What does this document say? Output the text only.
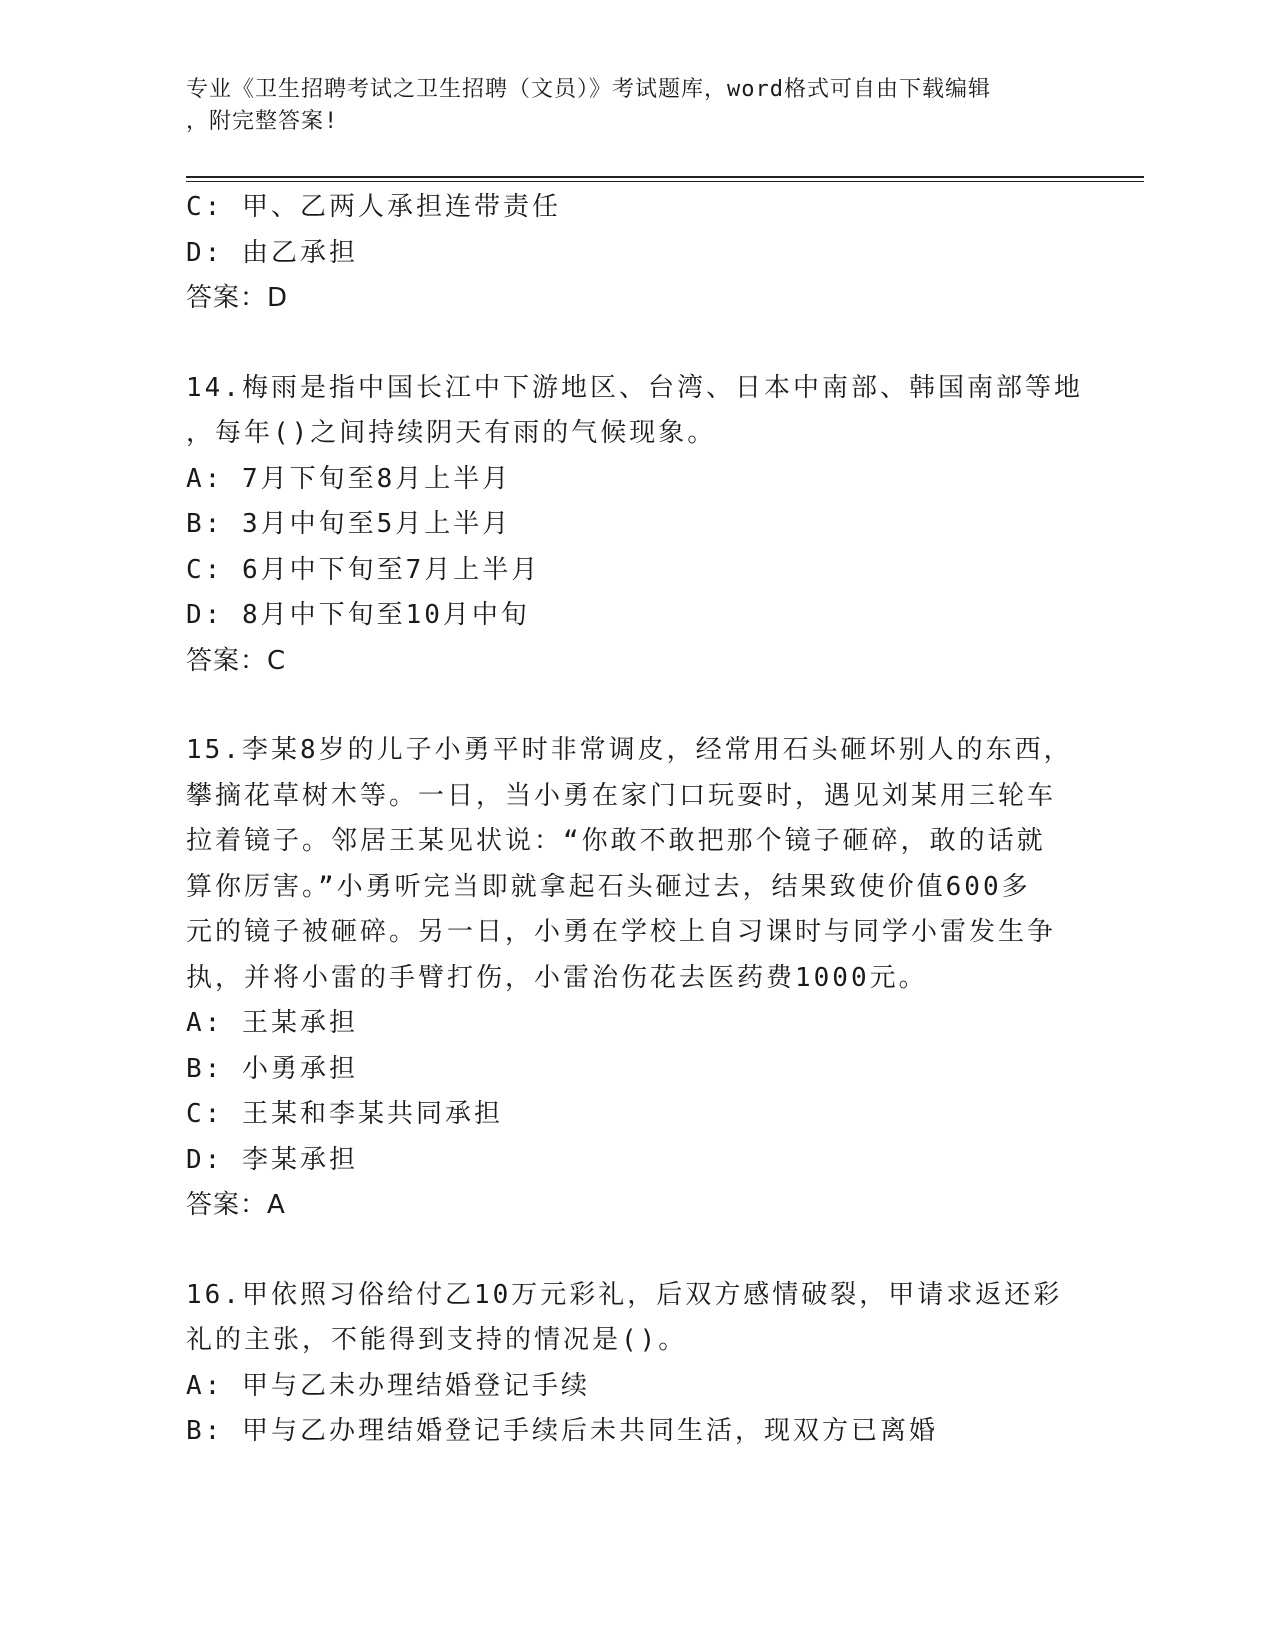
专业《卫生招聘考试之卫生招聘（文员）》考试题库，word格式可自由下载编辑
，附完整答案!
C: 甲、乙两人承担连带责任
D: 由乙承担
答案：D
14.梅雨是指中国长江中下游地区、台湾、日本中南部、韩国南部等地
，每年()之间持续阴天有雨的气候现象。
A: 7月下旬至8月上半月
B: 3月中旬至5月上半月
C: 6月中下旬至7月上半月
D: 8月中下旬至10月中旬
答案：C
15.李某8岁的儿子小勇平时非常调皮，经常用石头砸坏别人的东西，
攀摘花草树木等。一日，当小勇在家门口玩耍时，遇见刘某用三轮车
拉着镜子。邻居王某见状说：“你敢不敢把那个镜子砸碎，敢的话就
算你厉害。”小勇听完当即就拿起石头砸过去，结果致使价值600多
元的镜子被砸碎。另一日，小勇在学校上自习课时与同学小雷发生争
执，并将小雷的手臂打伤，小雷治伤花去医药费1000元。
A: 王某承担
B: 小勇承担
C: 王某和李某共同承担
D: 李某承担
答案：A
16.甲依照习俗给付乙10万元彩礼，后双方感情破裂，甲请求返还彩
礼的主张，不能得到支持的情况是()。
A: 甲与乙未办理结婚登记手续
B: 甲与乙办理结婚登记手续后未共同生活，现双方已离婚
